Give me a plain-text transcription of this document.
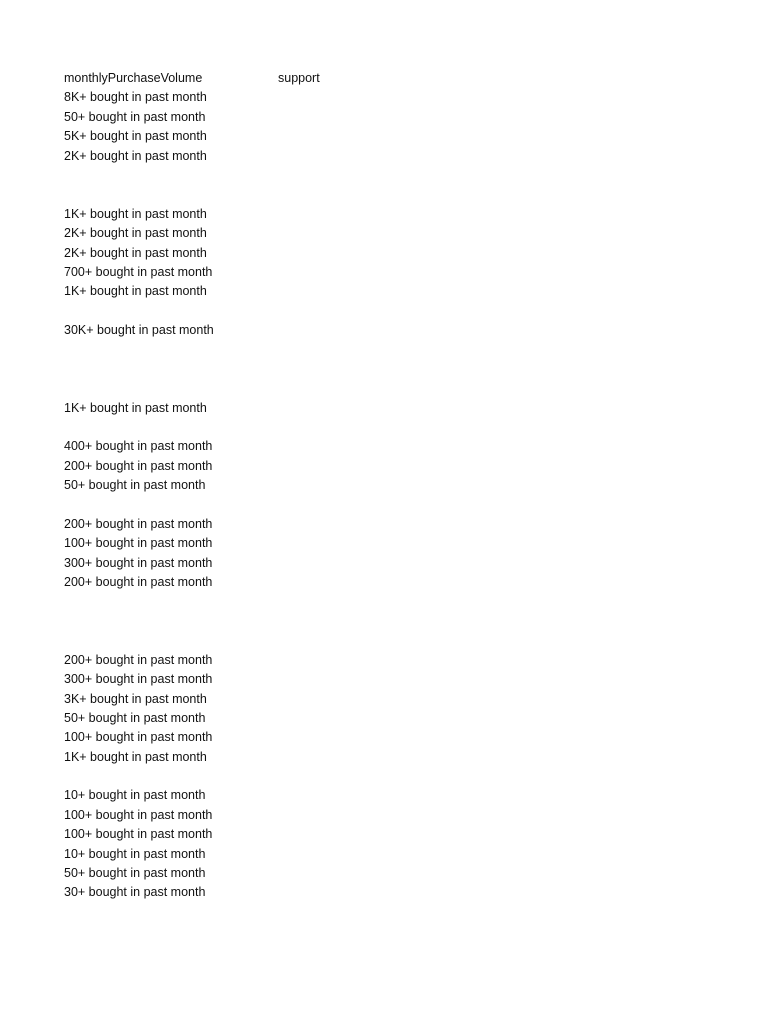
monthlyPurchaseVolume	support
8K+ bought in past month
50+ bought in past month
5K+ bought in past month
2K+ bought in past month
1K+ bought in past month
2K+ bought in past month
2K+ bought in past month
700+ bought in past month
1K+ bought in past month
30K+ bought in past month
1K+ bought in past month
400+ bought in past month
200+ bought in past month
50+ bought in past month
200+ bought in past month
100+ bought in past month
300+ bought in past month
200+ bought in past month
200+ bought in past month
300+ bought in past month
3K+ bought in past month
50+ bought in past month
100+ bought in past month
1K+ bought in past month
10+ bought in past month
100+ bought in past month
100+ bought in past month
10+ bought in past month
50+ bought in past month
30+ bought in past month
